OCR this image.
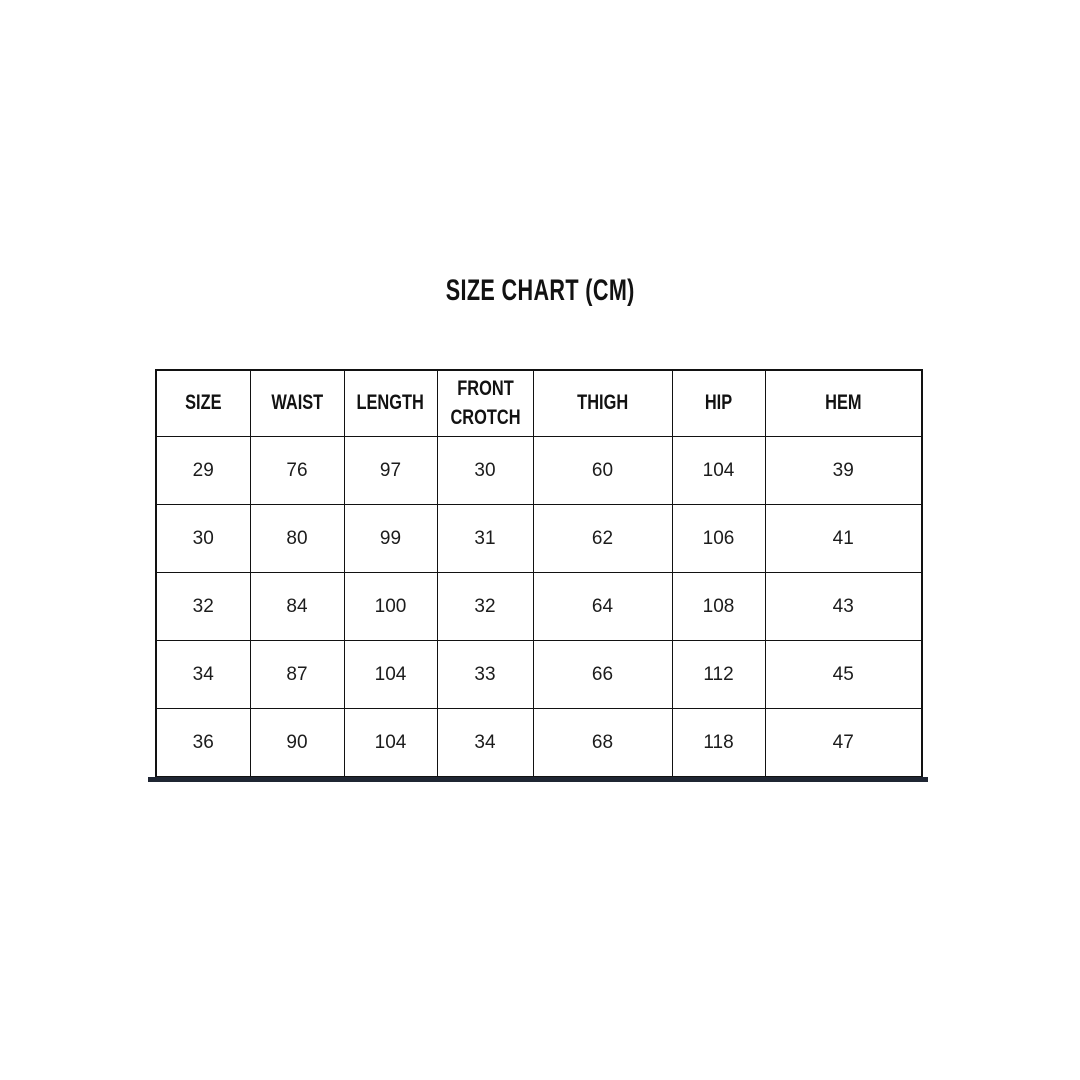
SIZE CHART (CM)
SIZE	WAIST	LENGTH	FRONT CROTCH	THIGH	HIP	HEM
29	76	97	30	60	104	39
30	80	99	31	62	106	41
32	84	100	32	64	108	43
34	87	104	33	66	112	45
36	90	104	34	68	118	47
